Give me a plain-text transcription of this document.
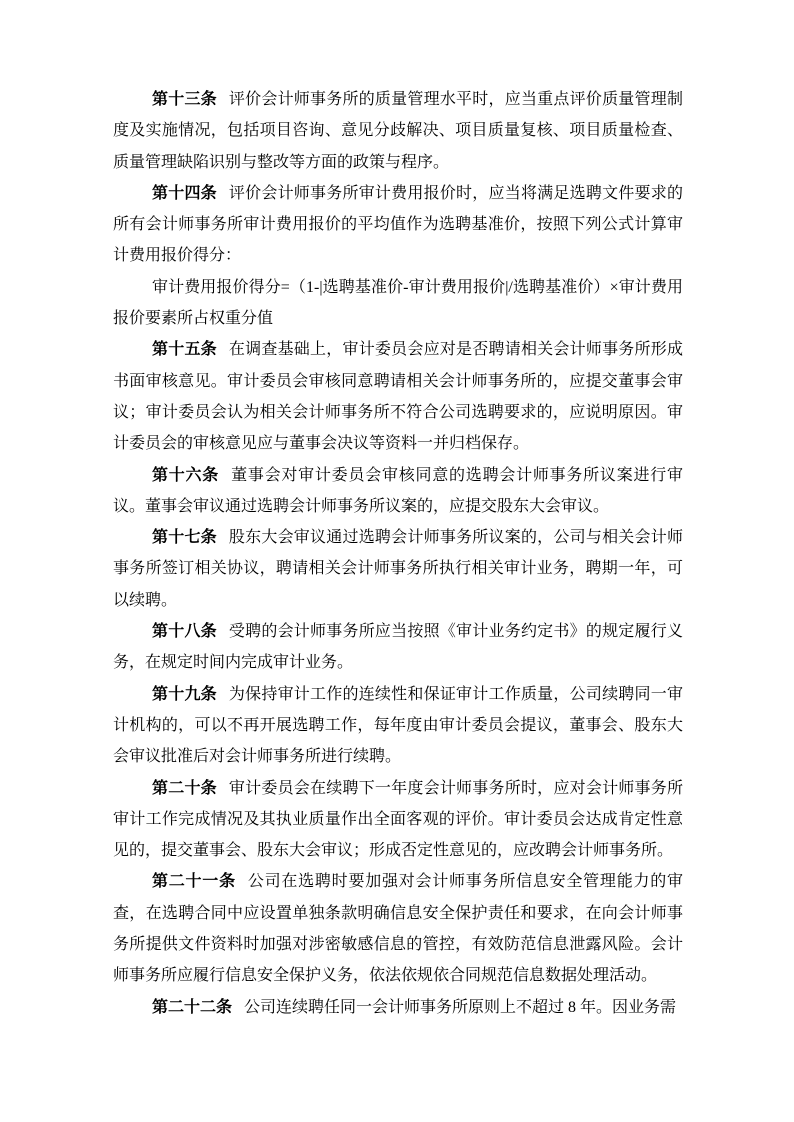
第十三条 评价会计师事务所的质量管理水平时，应当重点评价质量管理制度及实施情况，包括项目咨询、意见分歧解决、项目质量复核、项目质量检查、质量管理缺陷识别与整改等方面的政策与程序。

第十四条 评价会计师事务所审计费用报价时，应当将满足选聘文件要求的所有会计师事务所审计费用报价的平均值作为选聘基准价，按照下列公式计算审计费用报价得分：

审计费用报价得分=（1-|选聘基准价-审计费用报价|/选聘基准价）×审计费用报价要素所占权重分值

第十五条 在调查基础上，审计委员会应对是否聘请相关会计师事务所形成书面审核意见。审计委员会审核同意聘请相关会计师事务所的，应提交董事会审议；审计委员会认为相关会计师事务所不符合公司选聘要求的，应说明原因。审计委员会的审核意见应与董事会决议等资料一并归档保存。

第十六条 董事会对审计委员会审核同意的选聘会计师事务所议案进行审议。董事会审议通过选聘会计师事务所议案的，应提交股东大会审议。

第十七条 股东大会审议通过选聘会计师事务所议案的，公司与相关会计师事务所签订相关协议，聘请相关会计师事务所执行相关审计业务，聘期一年，可以续聘。

第十八条 受聘的会计师事务所应当按照《审计业务约定书》的规定履行义务，在规定时间内完成审计业务。

第十九条 为保持审计工作的连续性和保证审计工作质量，公司续聘同一审计机构的，可以不再开展选聘工作，每年度由审计委员会提议，董事会、股东大会审议批准后对会计师事务所进行续聘。

第二十条 审计委员会在续聘下一年度会计师事务所时，应对会计师事务所审计工作完成情况及其执业质量作出全面客观的评价。审计委员会达成肯定性意见的，提交董事会、股东大会审议；形成否定性意见的，应改聘会计师事务所。

第二十一条 公司在选聘时要加强对会计师事务所信息安全管理能力的审查，在选聘合同中应设置单独条款明确信息安全保护责任和要求，在向会计师事务所提供文件资料时加强对涉密敏感信息的管控，有效防范信息泄露风险。会计师事务所应履行信息安全保护义务，依法依规依合同规范信息数据处理活动。

第二十二条 公司连续聘任同一会计师事务所原则上不超过 8 年。因业务需
